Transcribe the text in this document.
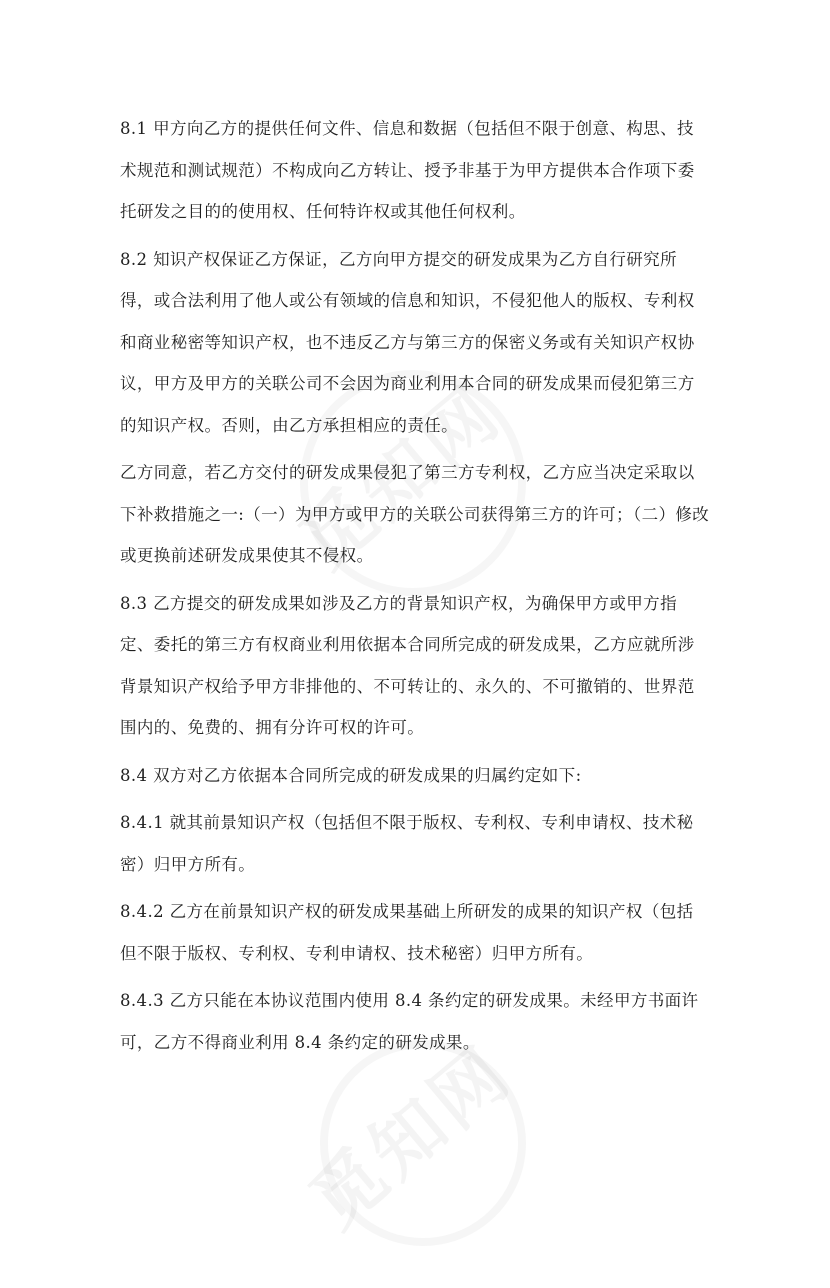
8.1 甲方向乙方的提供任何文件、信息和数据（包括但不限于创意、构思、技术规范和测试规范）不构成向乙方转让、授予非基于为甲方提供本合作项下委托研发之目的的使用权、任何特许权或其他任何权利。

8.2 知识产权保证乙方保证，乙方向甲方提交的研发成果为乙方自行研究所得，或合法利用了他人或公有领域的信息和知识，不侵犯他人的版权、专利权和商业秘密等知识产权，也不违反乙方与第三方的保密义务或有关知识产权协议，甲方及甲方的关联公司不会因为商业利用本合同的研发成果而侵犯第三方的知识产权。否则，由乙方承担相应的责任。

乙方同意，若乙方交付的研发成果侵犯了第三方专利权，乙方应当决定采取以下补救措施之一:（一）为甲方或甲方的关联公司获得第三方的许可；（二）修改或更换前述研发成果使其不侵权。

8.3 乙方提交的研发成果如涉及乙方的背景知识产权，为确保甲方或甲方指定、委托的第三方有权商业利用依据本合同所完成的研发成果，乙方应就所涉背景知识产权给予甲方非排他的、不可转让的、永久的、不可撤销的、世界范围内的、免费的、拥有分许可权的许可。

8.4 双方对乙方依据本合同所完成的研发成果的归属约定如下:

8.4.1 就其前景知识产权（包括但不限于版权、专利权、专利申请权、技术秘密）归甲方所有。

8.4.2 乙方在前景知识产权的研发成果基础上所研发的成果的知识产权（包括但不限于版权、专利权、专利申请权、技术秘密）归甲方所有。

8.4.3 乙方只能在本协议范围内使用 8.4 条约定的研发成果。未经甲方书面许可，乙方不得商业利用 8.4 条约定的研发成果。
